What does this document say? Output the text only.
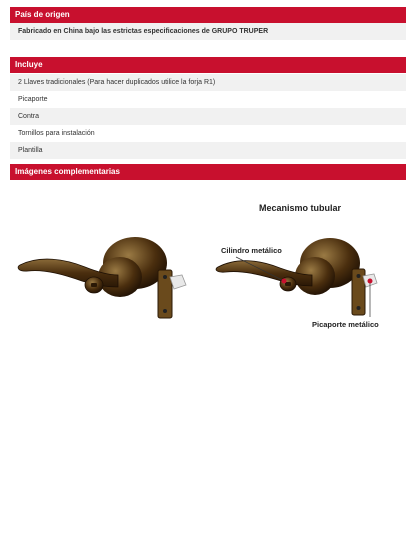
País de origen
Fabricado en China bajo las estrictas especificaciones de GRUPO TRUPER
Incluye
2 Llaves tradicionales (Para hacer duplicados utilice la forja R1)
Picaporte
Contra
Tornillos para instalación
Plantilla
Imágenes complementarias
Mecanismo tubular
Cilindro metálico
Picaporte metálico
